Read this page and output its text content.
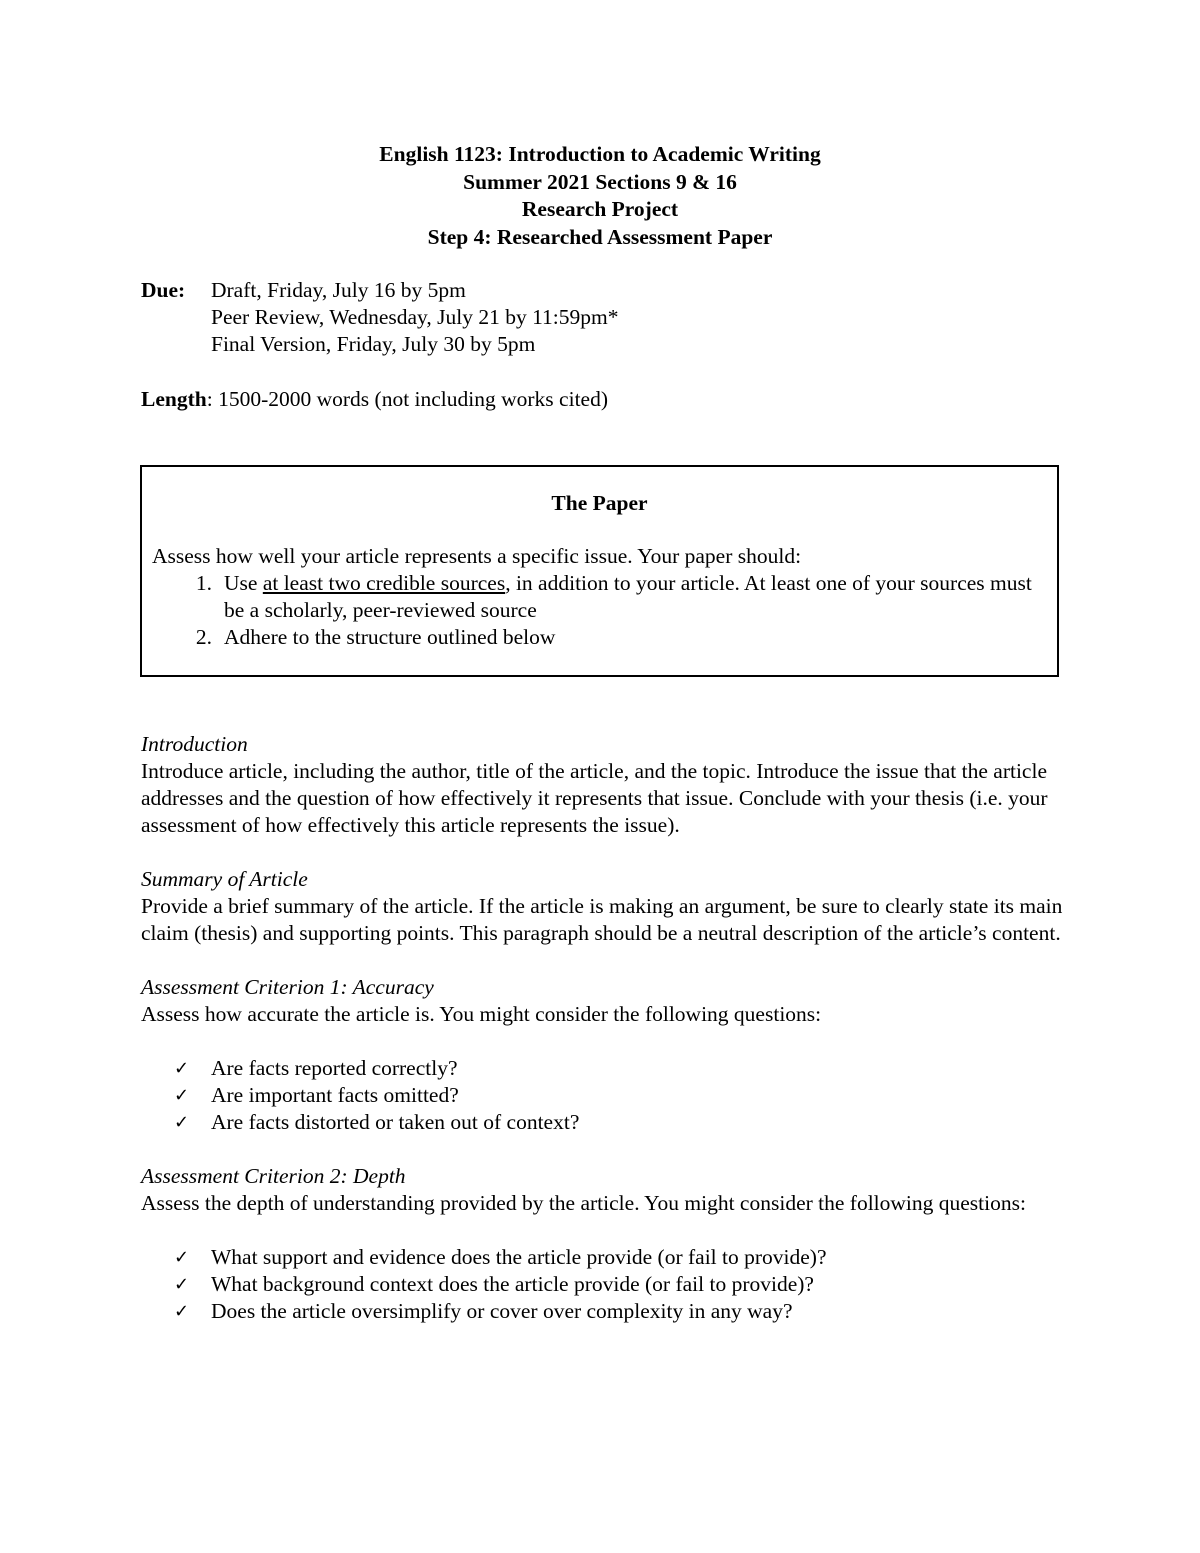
English 1123: Introduction to Academic Writing
Summer 2021 Sections 9 & 16
Research Project
Step 4: Researched Assessment Paper
Due:	Draft, Friday, July 16 by 5pm
Peer Review, Wednesday, July 21 by 11:59pm*
Final Version, Friday, July 30 by 5pm
Length: 1500-2000 words (not including works cited)
The Paper
Assess how well your article represents a specific issue. Your paper should:
1. Use at least two credible sources, in addition to your article. At least one of your sources must be a scholarly, peer-reviewed source
2. Adhere to the structure outlined below
Introduction
Introduce article, including the author, title of the article, and the topic. Introduce the issue that the article addresses and the question of how effectively it represents that issue. Conclude with your thesis (i.e. your assessment of how effectively this article represents the issue).
Summary of Article
Provide a brief summary of the article. If the article is making an argument, be sure to clearly state its main claim (thesis) and supporting points. This paragraph should be a neutral description of the article’s content.
Assessment Criterion 1: Accuracy
Assess how accurate the article is. You might consider the following questions:
✓	Are facts reported correctly?
✓	Are important facts omitted?
✓	Are facts distorted or taken out of context?
Assessment Criterion 2: Depth
Assess the depth of understanding provided by the article. You might consider the following questions:
✓	What support and evidence does the article provide (or fail to provide)?
✓	What background context does the article provide (or fail to provide)?
✓	Does the article oversimplify or cover over complexity in any way?
